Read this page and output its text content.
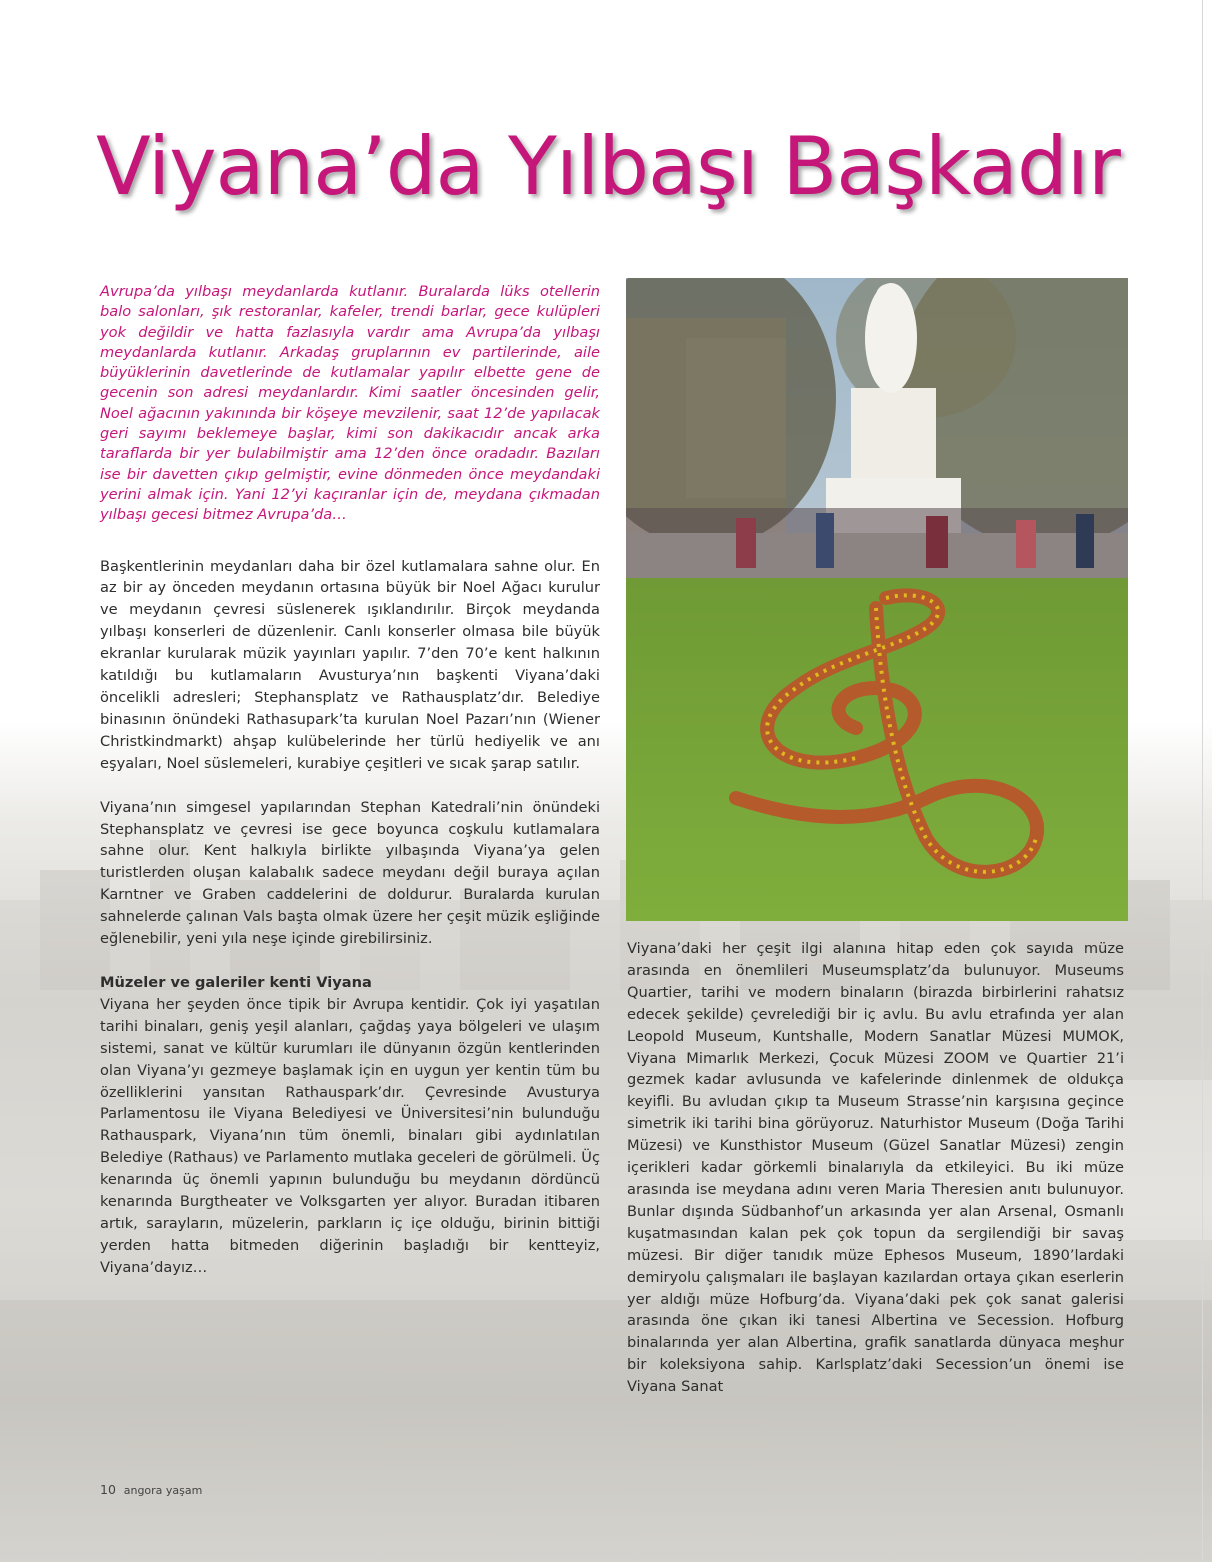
Viyana’da Yılbaşı Başkadır

Avrupa’da yılbaşı meydanlarda kutlanır. Buralarda lüks otellerin balo salonları, şık restoranlar, kafeler, trendi barlar, gece kulüpleri yok değildir ve hatta fazlasıyla vardır ama Avrupa’da yılbaşı meydanlarda kutlanır. Arkadaş gruplarının ev partilerinde, aile büyüklerinin davetlerinde de kutlamalar yapılır elbette gene de gecenin son adresi meydanlardır. Kimi saatler öncesinden gelir, Noel ağacının yakınında bir köşeye mevzilenir, saat 12’de yapılacak geri sayımı beklemeye başlar, kimi son dakikacıdır ancak arka taraflarda bir yer bulabilmiştir ama 12’den önce oradadır. Bazıları ise bir davetten çıkıp gelmiştir, evine dönmeden önce meydandaki yerini almak için. Yani 12’yi kaçıranlar için de, meydana çıkmadan yılbaşı gecesi bitmez Avrupa’da…

Başkentlerinin meydanları daha bir özel kutlamalara sahne olur. En az bir ay önceden meydanın ortasına büyük bir Noel Ağacı kurulur ve meydanın çevresi süslenerek ışıklandırılır. Birçok meydanda yılbaşı konserleri de düzenlenir. Canlı konserler olmasa bile büyük ekranlar kurularak müzik yayınları yapılır. 7’den 70’e kent halkının katıldığı bu kutlamaların Avusturya’nın başkenti Viyana’daki öncelikli adresleri; Stephansplatz ve Rathausplatz’dır. Belediye binasının önündeki Rathasupark’ta kurulan Noel Pazarı’nın (Wiener Christkindmarkt) ahşap kulübelerinde her türlü hediyelik ve anı eşyaları, Noel süslemeleri, kurabiye çeşitleri ve sıcak şarap satılır.

Viyana’nın simgesel yapılarından Stephan Katedrali’nin önündeki Stephansplatz ve çevresi ise gece boyunca coşkulu kutlamalara sahne olur. Kent halkıyla birlikte yılbaşında Viyana’ya gelen turistlerden oluşan kalabalık sadece meydanı değil buraya açılan Karntner ve Graben caddelerini de doldurur. Buralarda kurulan sahnelerde çalınan Vals başta olmak üzere her çeşit müzik eşliğinde eğlenebilir, yeni yıla neşe içinde girebilirsiniz.

Müzeler ve galeriler kenti Viyana

Viyana her şeyden önce tipik bir Avrupa kentidir. Çok iyi yaşatılan tarihi binaları, geniş yeşil alanları, çağdaş yaya bölgeleri ve ulaşım sistemi, sanat ve kültür kurumları ile dünyanın özgün kentlerinden olan Viyana’yı gezmeye başlamak için en uygun yer kentin tüm bu özelliklerini yansıtan Rathauspark’dır. Çevresinde Avusturya Parlamentosu ile Viyana Belediyesi ve Üniversitesi’nin bulunduğu Rathauspark, Viyana’nın tüm önemli, binaları gibi aydınlatılan Belediye (Rathaus) ve Parlamento mutlaka geceleri de görülmeli. Üç kenarında üç önemli yapının bulunduğu bu meydanın dördüncü kenarında Burgtheater ve Volksgarten yer alıyor. Buradan itibaren artık, sarayların, müzelerin, parkların iç içe olduğu, birinin bittiği yerden hatta bitmeden diğerinin başladığı bir kentteyiz, Viyana’dayız…

Viyana’daki her çeşit ilgi alanına hitap eden çok sayıda müze arasında en önemlileri Museumsplatz’da bulunuyor. Museums Quartier, tarihi ve modern binaların (birazda birbirlerini rahatsız edecek şekilde) çevrelediği bir iç avlu. Bu avlu etrafında yer alan Leopold Museum, Kuntshalle, Modern Sanatlar Müzesi MUMOK, Viyana Mimarlık Merkezi, Çocuk Müzesi ZOOM ve Quartier 21’i gezmek kadar avlusunda ve kafelerinde dinlenmek de oldukça keyifli. Bu avludan çıkıp ta Museum Strasse’nin karşısına geçince simetrik iki tarihi bina görüyoruz. Naturhistor Museum (Doğa Tarihi Müzesi) ve Kunsthistor Museum (Güzel Sanatlar Müzesi) zengin içerikleri kadar görkemli binalarıyla da etkileyici. Bu iki müze arasında ise meydana adını veren Maria Theresien anıtı bulunuyor. Bunlar dışında Südbanhof’un arkasında yer alan Arsenal, Osmanlı kuşatmasından kalan pek çok topun da sergilendiği bir savaş müzesi. Bir diğer tanıdık müze Ephesos Museum, 1890’lardaki demiryolu çalışmaları ile başlayan kazılardan ortaya çıkan eserlerin yer aldığı müze Hofburg’da. Viyana’daki pek çok sanat galerisi arasında öne çıkan iki tanesi Albertina ve Secession. Hofburg binalarında yer alan Albertina, grafik sanatlarda dünyaca meşhur bir koleksiyona sahip. Karlsplatz’daki Secession’un önemi ise Viyana Sanat

10 angora yaşam
